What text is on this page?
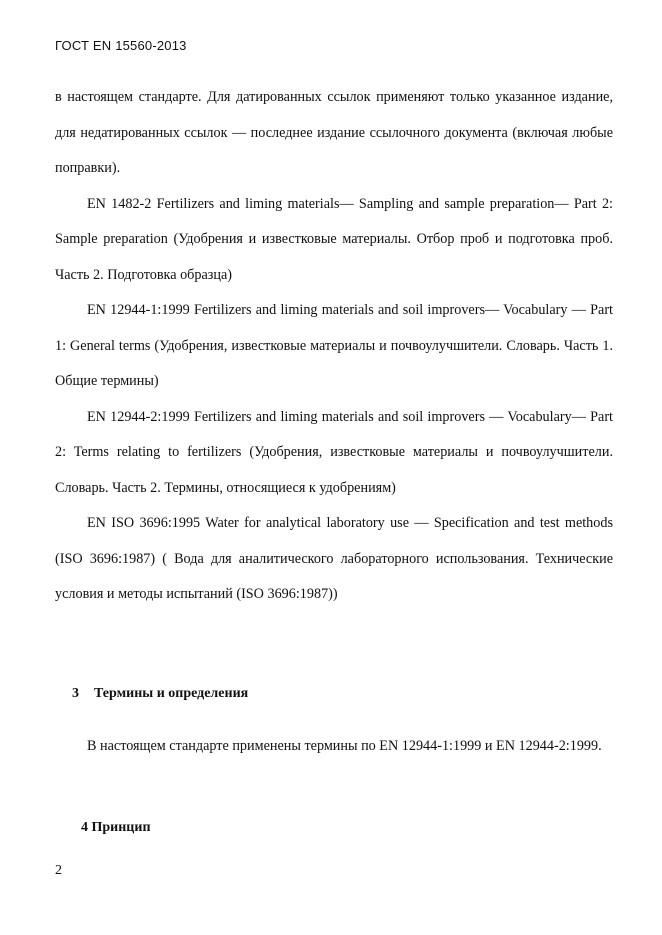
ГОСТ EN 15560-2013

в настоящем стандарте. Для датированных ссылок применяют только указанное издание, для недатированных ссылок — последнее издание ссылочного документа (включая любые поправки).

EN 1482-2 Fertilizers and liming materials— Sampling and sample preparation— Part 2: Sample preparation (Удобрения и известковые материалы. Отбор проб и подготовка проб. Часть 2. Подготовка образца)

EN 12944-1:1999 Fertilizers and liming materials and soil improvers— Vocabulary — Part 1: General terms (Удобрения, известковые материалы и почвоулучшители. Словарь. Часть 1. Общие термины)

EN 12944-2:1999 Fertilizers and liming materials and soil improvers — Vocabulary— Part 2: Terms relating to fertilizers (Удобрения, известковые материалы и почвоулучшители. Словарь. Часть 2. Термины, относящиеся к удобрениям)

EN ISO 3696:1995 Water for analytical laboratory use — Specification and test methods (ISO 3696:1987) ( Вода для аналитического лабораторного использования. Технические условия и методы испытаний (ISO 3696:1987))

3 Термины и определения

В настоящем стандарте применены термины по EN 12944-1:1999 и EN 12944-2:1999.

4 Принцип
2
